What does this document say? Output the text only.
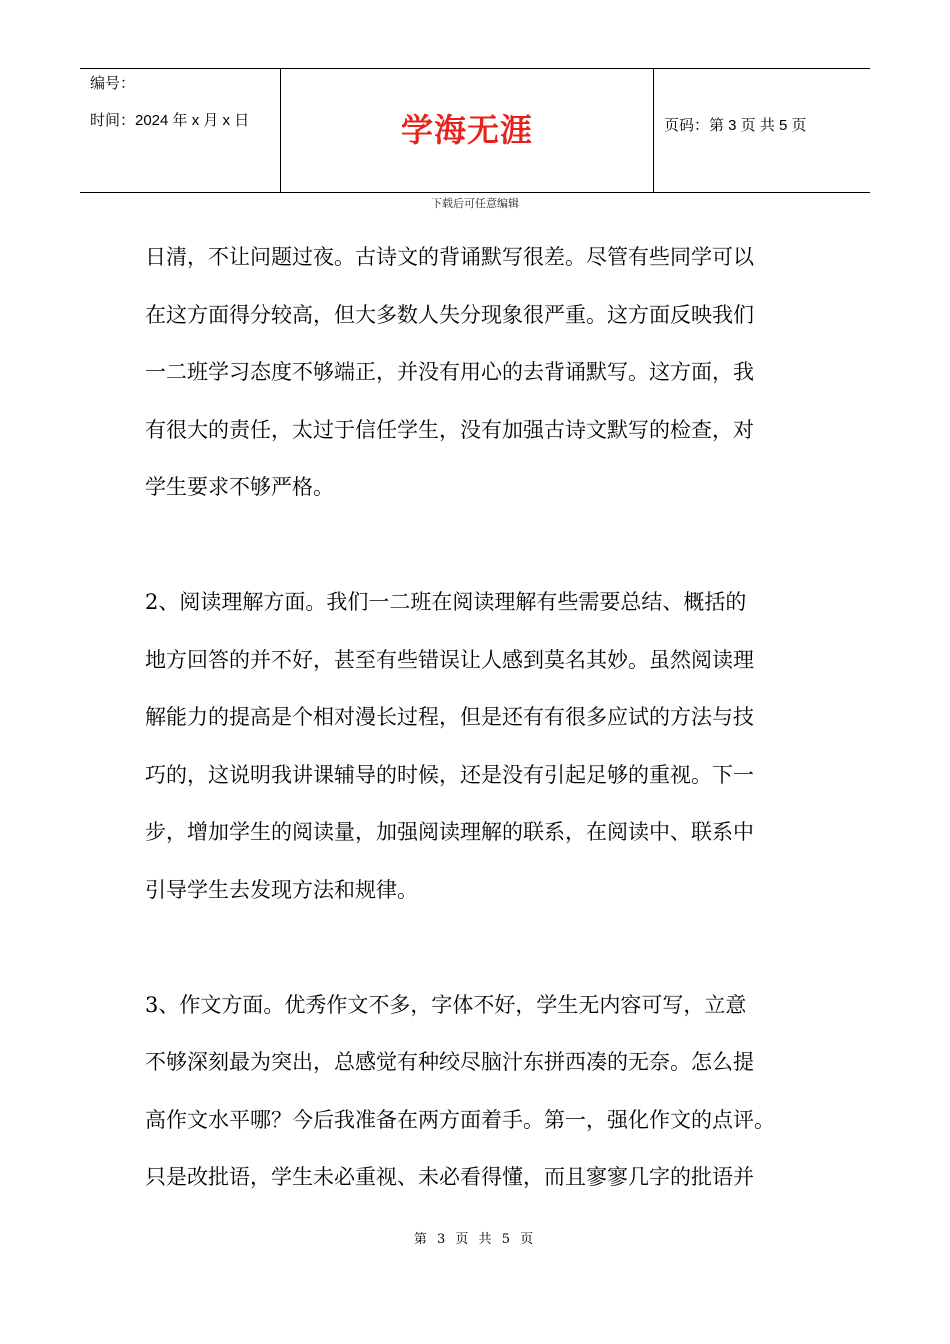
编号：
时间：2024 年 x 月 x 日	学海无涯	页码：第 3 页 共 5 页
下载后可任意编辑
日清，不让问题过夜。古诗文的背诵默写很差。尽管有些同学可以
在这方面得分较高，但大多数人失分现象很严重。这方面反映我们
一二班学习态度不够端正，并没有用心的去背诵默写。这方面，我
有很大的责任，太过于信任学生，没有加强古诗文默写的检查，对
学生要求不够严格。
2、阅读理解方面。我们一二班在阅读理解有些需要总结、概括的
地方回答的并不好，甚至有些错误让人感到莫名其妙。虽然阅读理
解能力的提高是个相对漫长过程，但是还有有很多应试的方法与技
巧的，这说明我讲课辅导的时候，还是没有引起足够的重视。下一
步，增加学生的阅读量，加强阅读理解的联系，在阅读中、联系中
引导学生去发现方法和规律。
3、作文方面。优秀作文不多，字体不好，学生无内容可写，立意
不够深刻最为突出，总感觉有种绞尽脑汁东拼西凑的无奈。怎么提
高作文水平哪？今后我准备在两方面着手。第一，强化作文的点评。
只是改批语，学生未必重视、未必看得懂，而且寥寥几字的批语并
第 3 页 共 5 页
